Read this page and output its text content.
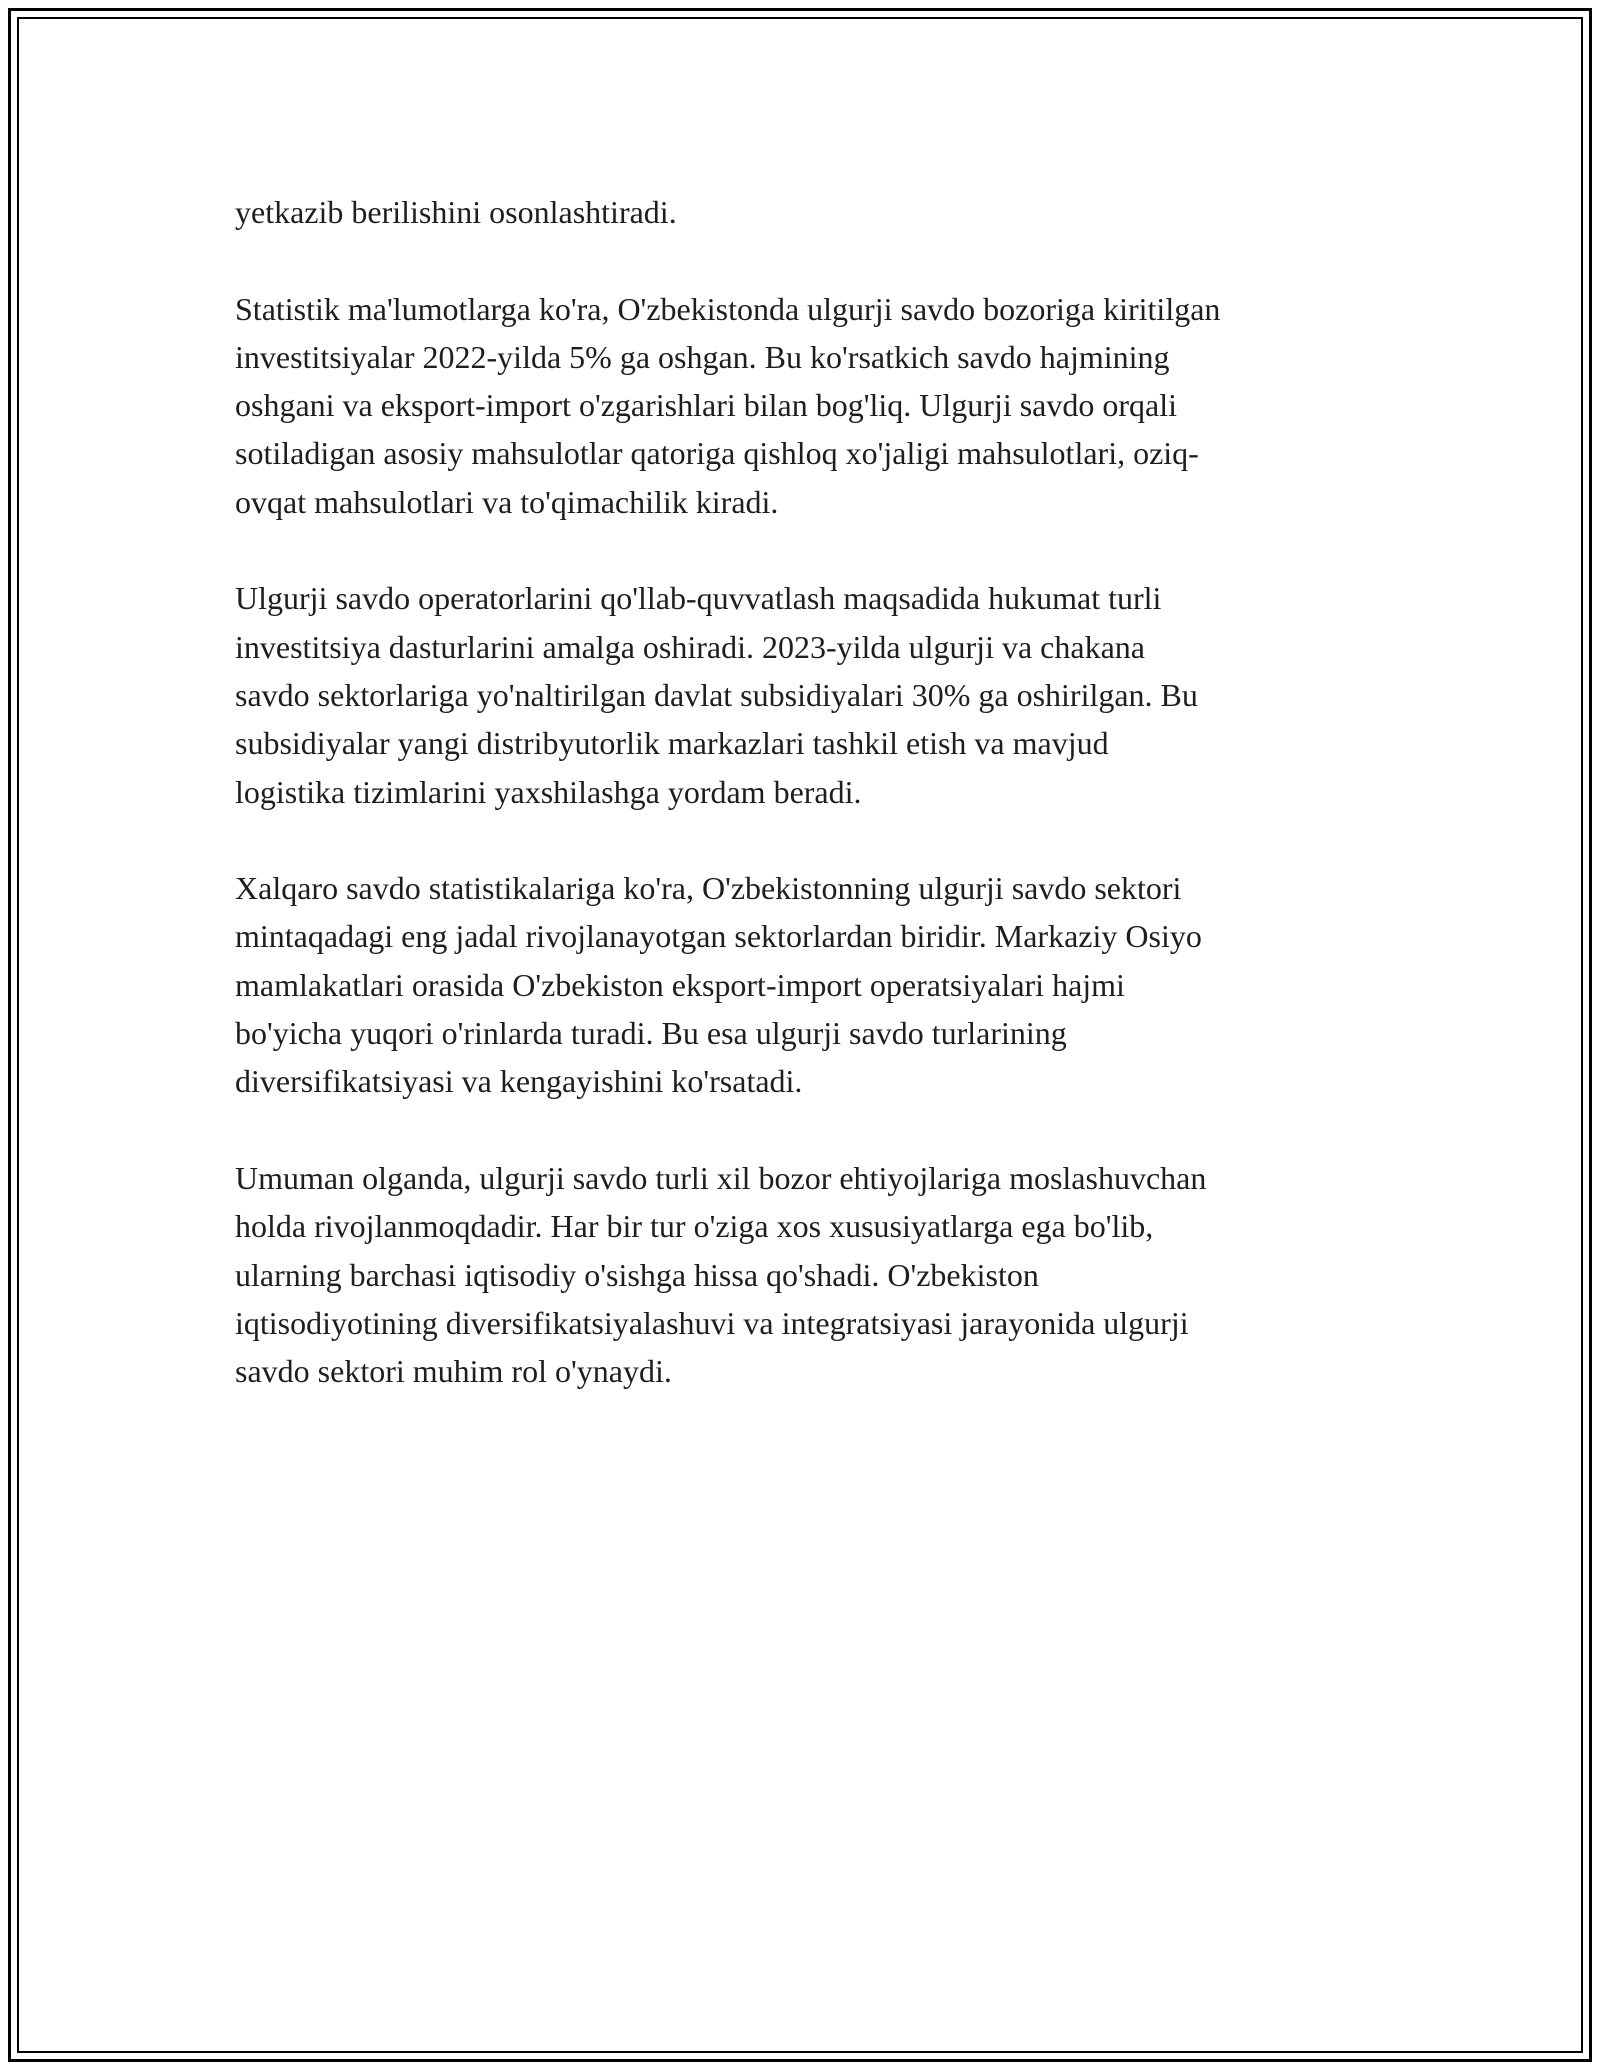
yetkazib berilishini osonlashtiradi.

Statistik ma'lumotlarga ko'ra, O'zbekistonda ulgurji savdo bozoriga kiritilgan
investitsiyalar 2022-yilda 5% ga oshgan. Bu ko'rsatkich savdo hajmining
oshgani va eksport-import o'zgarishlari bilan bog'liq. Ulgurji savdo orqali
sotiladigan asosiy mahsulotlar qatoriga qishloq xo'jaligi mahsulotlari, oziq-
ovqat mahsulotlari va to'qimachilik kiradi.

Ulgurji savdo operatorlarini qo'llab-quvvatlash maqsadida hukumat turli
investitsiya dasturlarini amalga oshiradi. 2023-yilda ulgurji va chakana
savdo sektorlariga yo'naltirilgan davlat subsidiyalari 30% ga oshirilgan. Bu
subsidiyalar yangi distribyutorlik markazlari tashkil etish va mavjud
logistika tizimlarini yaxshilashga yordam beradi.

Xalqaro savdo statistikalariga ko'ra, O'zbekistonning ulgurji savdo sektori
mintaqadagi eng jadal rivojlanayotgan sektorlardan biridir. Markaziy Osiyo
mamlakatlari orasida O'zbekiston eksport-import operatsiyalari hajmi
bo'yicha yuqori o'rinlarda turadi. Bu esa ulgurji savdo turlarining
diversifikatsiyasi va kengayishini ko'rsatadi.

Umuman olganda, ulgurji savdo turli xil bozor ehtiyojlariga moslashuvchan
holda rivojlanmoqdadir. Har bir tur o'ziga xos xususiyatlarga ega bo'lib,
ularning barchasi iqtisodiy o'sishga hissa qo'shadi. O'zbekiston
iqtisodiyotining diversifikatsiyalashuvi va integratsiyasi jarayonida ulgurji
savdo sektori muhim rol o'ynaydi.
